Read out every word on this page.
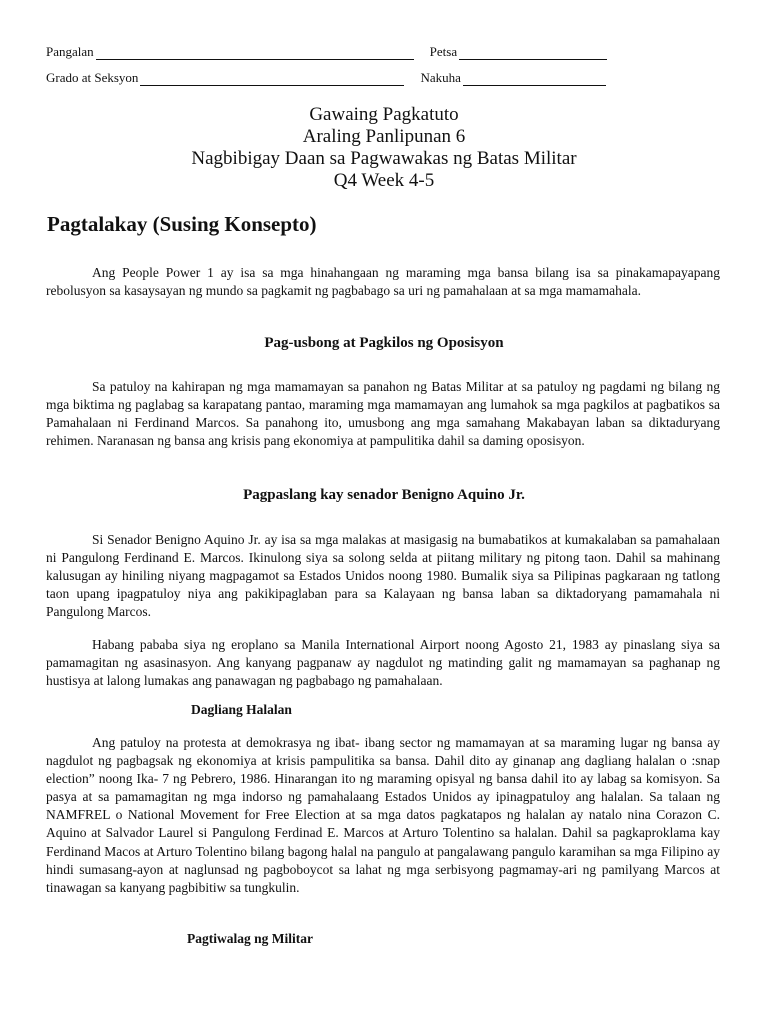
Pangalan	Petsa
Grado at Seksyon	Nakuha
Gawaing Pagkatuto
Araling Panlipunan 6
Nagbibigay Daan sa Pagwawakas ng Batas Militar
Q4 Week 4-5
Pagtalakay (Susing Konsepto)

Ang People Power 1 ay isa sa mga hinahangaan ng maraming mga bansa bilang isa sa pinakamapayapang rebolusyon sa kasaysayan ng mundo sa pagkamit ng pagbabago sa uri ng pamahalaan at sa mga mamamahala.

Pag-usbong at Pagkilos ng Oposisyon

Sa patuloy na kahirapan ng mga mamamayan sa panahon ng Batas Militar at sa patuloy ng pagdami ng bilang ng mga biktima ng paglabag sa karapatang pantao, maraming mga mamamayan ang lumahok sa mga pagkilos at pagbatikos sa Pamahalaan ni Ferdinand Marcos. Sa panahong ito, umusbong ang mga samahang Makabayan laban sa diktaduryang rehimen. Naranasan ng bansa ang krisis pang ekonomiya at pampulitika dahil sa daming oposisyon.

Pagpaslang kay senador Benigno Aquino Jr.

Si Senador Benigno Aquino Jr. ay isa sa mga malakas at masigasig na bumabatikos at kumakalaban sa pamahalaan ni Pangulong Ferdinand E. Marcos. Ikinulong siya sa solong selda at piitang military ng pitong taon. Dahil sa mahinang kalusugan ay hiniling niyang magpagamot sa Estados Unidos noong 1980. Bumalik siya sa Pilipinas pagkaraan ng tatlong taon upang ipagpatuloy niya ang pakikipaglaban para sa Kalayaan ng bansa laban sa diktadoryang pamamahala ni Pangulong Marcos.

Habang pababa siya ng eroplano sa Manila International Airport noong Agosto 21, 1983 ay pinaslang siya sa pamamagitan ng asasinasyon. Ang kanyang pagpanaw ay nagdulot ng matinding galit ng mamamayan sa paghanap ng hustisya at lalong lumakas ang panawagan ng pagbabago ng pamahalaan.

Dagliang Halalan

Ang patuloy na protesta at demokrasya ng ibat- ibang sector ng mamamayan at sa maraming lugar ng bansa ay nagdulot ng pagbagsak ng ekonomiya at krisis pampulitika sa bansa. Dahil dito ay ginanap ang dagliang halalan o :snap election” noong Ika- 7 ng Pebrero, 1986. Hinarangan ito ng maraming opisyal ng bansa dahil ito ay labag sa komisyon. Sa pasya at sa pamamagitan ng mga indorso ng pamahalaang Estados Unidos ay ipinagpatuloy ang halalan. Sa talaan ng NAMFREL o National Movement for Free Election at sa mga datos pagkatapos ng halalan ay natalo nina Corazon C. Aquino at Salvador Laurel si Pangulong Ferdinad E. Marcos at Arturo Tolentino sa halalan. Dahil sa pagkaproklama kay Ferdinand Macos at Arturo Tolentino bilang bagong halal na pangulo at pangalawang pangulo karamihan sa mga Filipino ay hindi sumasang-ayon at naglunsad ng pagboboycot sa lahat ng mga serbisyong pagmamay-ari ng pamilyang Marcos at tinawagan sa kanyang pagbibitiw sa tungkulin.

Pagtiwalag ng Militar
